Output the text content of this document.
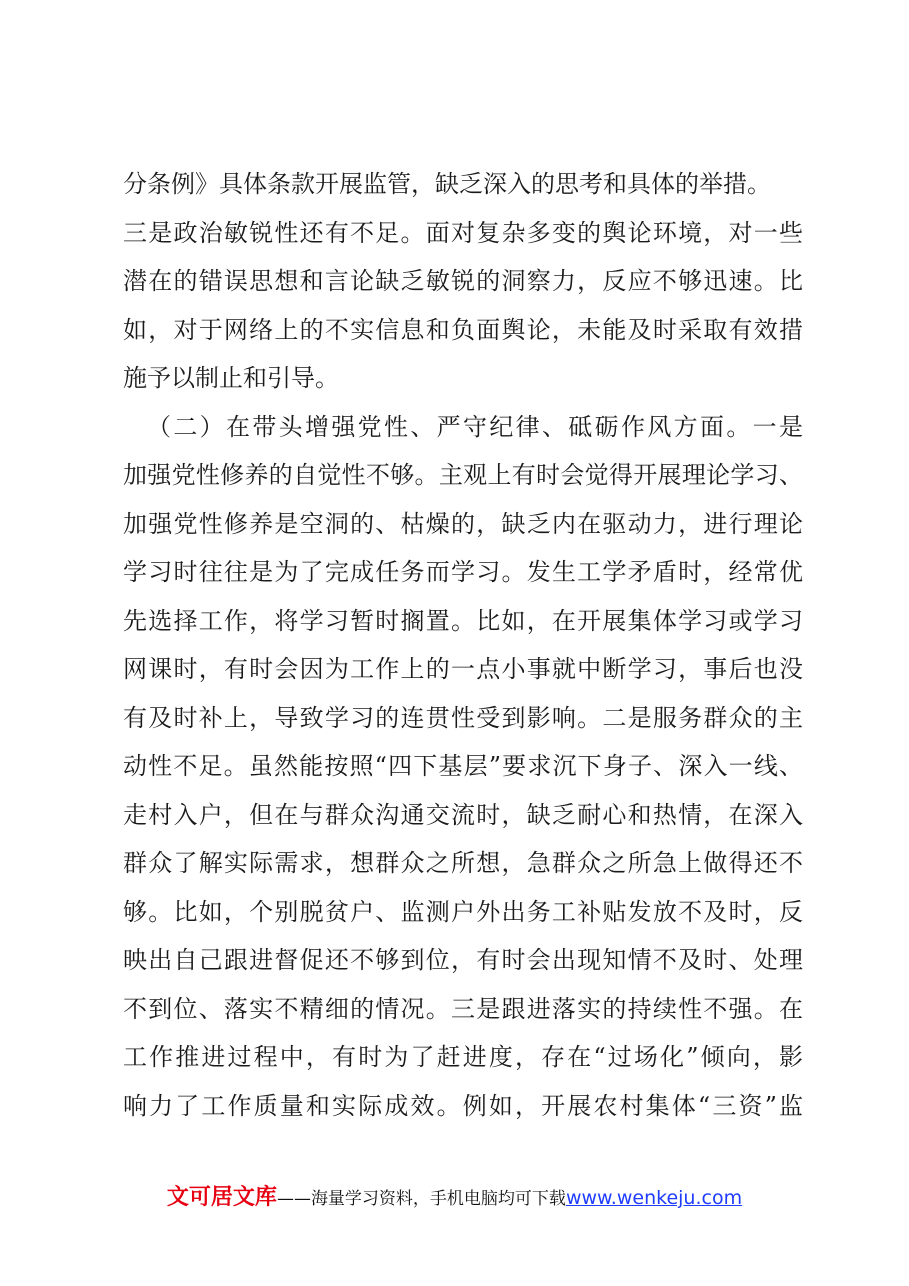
分条例》具体条款开展监管，缺乏深入的思考和具体的举措。
三是政治敏锐性还有不足。面对复杂多变的舆论环境，对一些
潜在的错误思想和言论缺乏敏锐的洞察力，反应不够迅速。比
如，对于网络上的不实信息和负面舆论，未能及时采取有效措
施予以制止和引导。
（二）在带头增强党性、严守纪律、砥砺作风方面。一是
加强党性修养的自觉性不够。主观上有时会觉得开展理论学习、
加强党性修养是空洞的、枯燥的，缺乏内在驱动力，进行理论
学习时往往是为了完成任务而学习。发生工学矛盾时，经常优
先选择工作，将学习暂时搁置。比如，在开展集体学习或学习
网课时，有时会因为工作上的一点小事就中断学习，事后也没
有及时补上，导致学习的连贯性受到影响。二是服务群众的主
动性不足。虽然能按照“四下基层”要求沉下身子、深入一线、
走村入户，但在与群众沟通交流时，缺乏耐心和热情，在深入
群众了解实际需求，想群众之所想，急群众之所急上做得还不
够。比如，个别脱贫户、监测户外出务工补贴发放不及时，反
映出自己跟进督促还不够到位，有时会出现知情不及时、处理
不到位、落实不精细的情况。三是跟进落实的持续性不强。在
工作推进过程中，有时为了赶进度，存在“过场化”倾向，影
响力了工作质量和实际成效。例如，开展农村集体“三资”监
文可居文库——海量学习资料，手机电脑均可下载www.wenkeju.com
